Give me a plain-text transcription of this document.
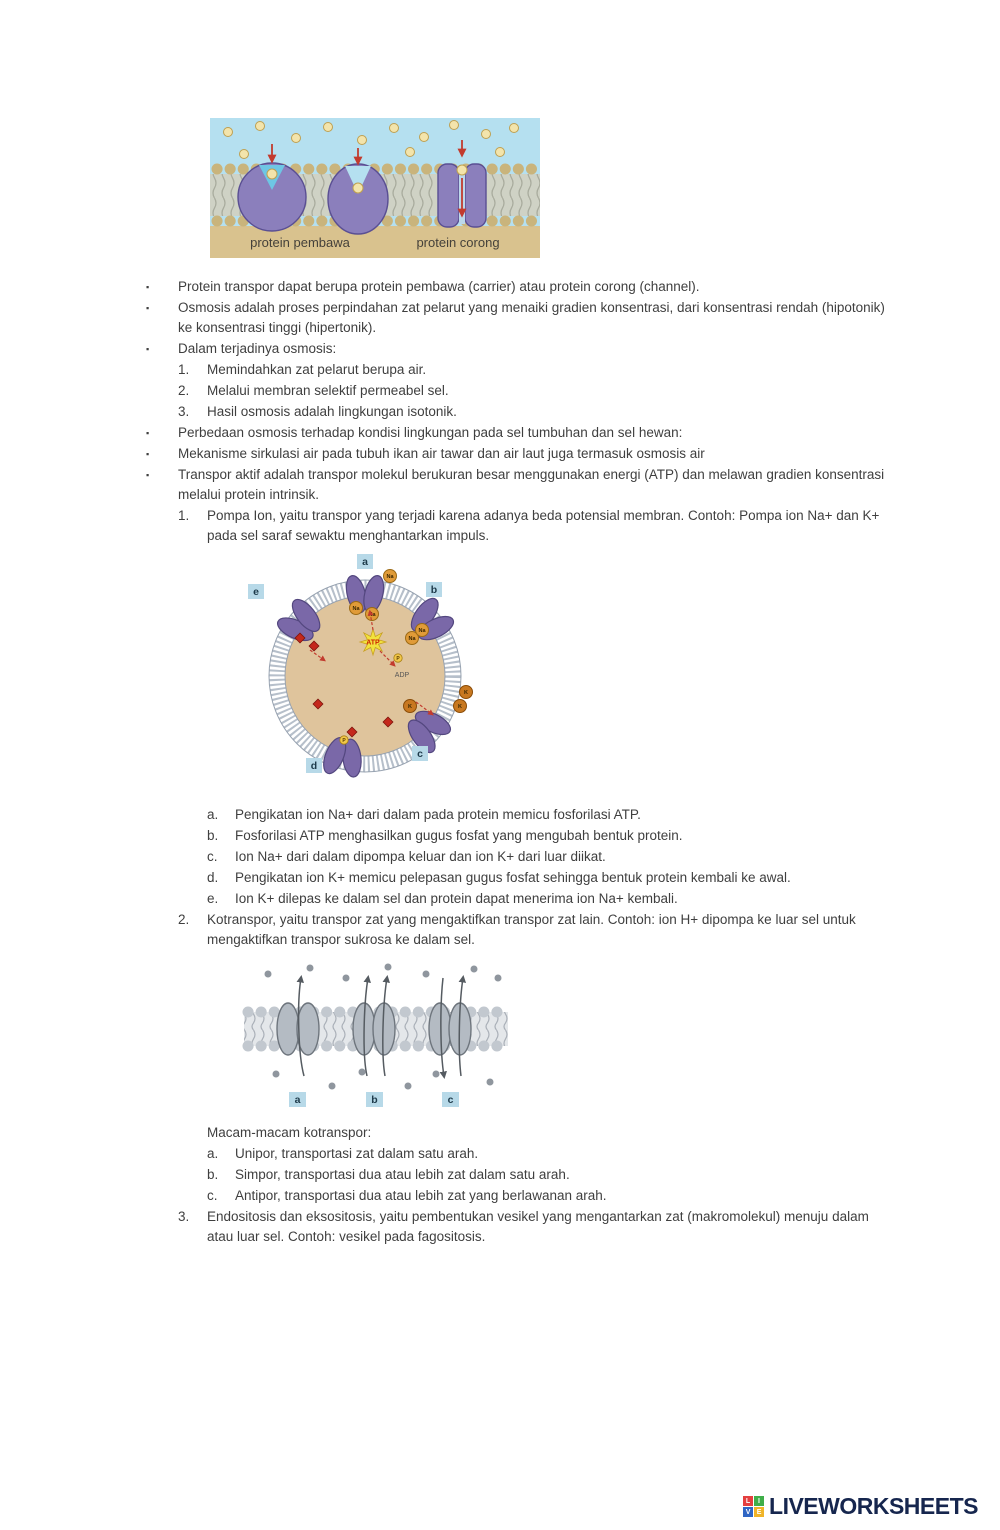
protein pembawa	protein corong
▪	Protein transpor dapat berupa protein pembawa (carrier) atau protein corong (channel).
▪	Osmosis adalah proses perpindahan zat pelarut yang menaiki gradien konsentrasi, dari konsentrasi rendah (hipotonik) ke konsentrasi tinggi (hipertonik).
▪	Dalam terjadinya osmosis:
1.	Memindahkan zat pelarut berupa air.
2.	Melalui membran selektif permeabel sel.
3.	Hasil osmosis adalah lingkungan isotonik.
▪	Perbedaan osmosis terhadap kondisi lingkungan pada sel tumbuhan dan sel hewan:
▪	Mekanisme sirkulasi air pada tubuh ikan air tawar dan air laut juga termasuk osmosis air
▪	Transpor aktif adalah transpor molekul berukuran besar menggunakan energi (ATP) dan melawan gradien konsentrasi melalui protein intrinsik.
1.	Pompa Ion, yaitu transpor yang terjadi karena adanya beda potensial membran. Contoh: Pompa ion Na+ dan K+ pada sel saraf sewaktu menghantarkan impuls.
ATP
ADP
P
P
Na
Na
Na
Na
Na
K
K
K
a
b
c
d
e
a.	Pengikatan ion Na+ dari dalam pada protein memicu fosforilasi ATP.
b.	Fosforilasi ATP menghasilkan gugus fosfat yang mengubah bentuk protein.
c.	Ion Na+ dari dalam dipompa keluar dan ion K+ dari luar diikat.
d.	Pengikatan ion K+ memicu pelepasan gugus fosfat sehingga bentuk protein kembali ke awal.
e.	Ion K+ dilepas ke dalam sel dan protein dapat menerima ion Na+ kembali.
2.	Kotranspor, yaitu transpor zat yang mengaktifkan transpor zat lain. Contoh: ion H+ dipompa ke luar sel untuk mengaktifkan transpor sukrosa ke dalam sel.
a	b	c
Macam-macam kotranspor:
a.	Unipor, transportasi zat dalam satu arah.
b.	Simpor, transportasi dua atau lebih zat dalam satu arah.
c.	Antipor, transportasi dua atau lebih zat yang berlawanan arah.
3.	Endositosis dan eksositosis, yaitu pembentukan vesikel yang mengantarkan zat (makromolekul) menuju dalam atau luar sel. Contoh: vesikel pada fagositosis.
L	I
V E LIVEWORKSHEETS
